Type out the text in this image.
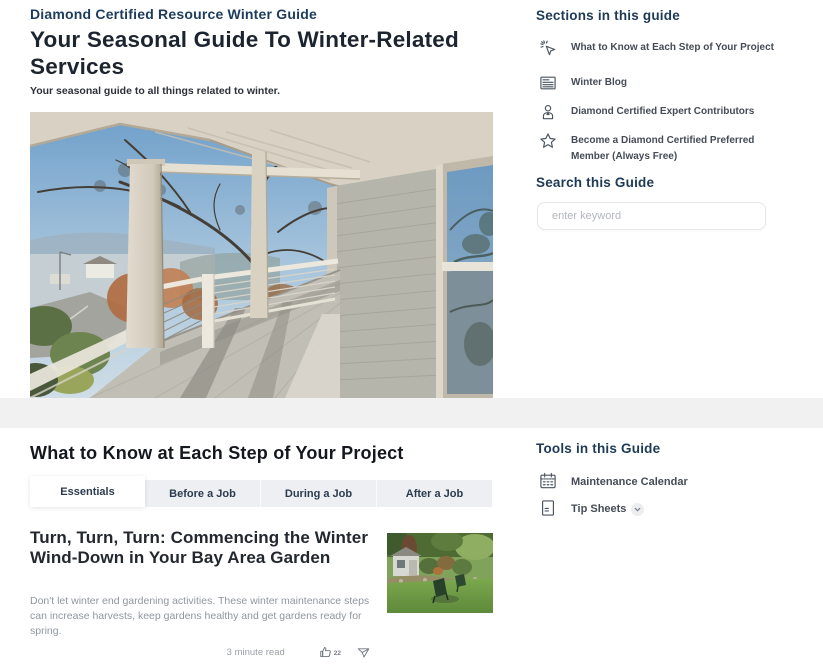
Diamond Certified Resource Winter Guide
Your Seasonal Guide To Winter-Related Services
Your seasonal guide to all things related to winter.
What to Know at Each Step of Your Project
Essentials	Before a Job	During a Job	After a Job
Turn, Turn, Turn: Commencing the Winter Wind-Down in Your Bay Area Garden
Don't let winter end gardening activities. These winter maintenance steps can increase harvests, keep gardens healthy and get gardens ready for spring.
3 minute read	22
Sections in this guide
What to Know at Each Step of Your Project
Winter Blog
Diamond Certified Expert Contributors
Become a Diamond Certified Preferred Member (Always Free)
Search this Guide
enter keyword
Tools in this Guide
Maintenance Calendar
Tip Sheets
